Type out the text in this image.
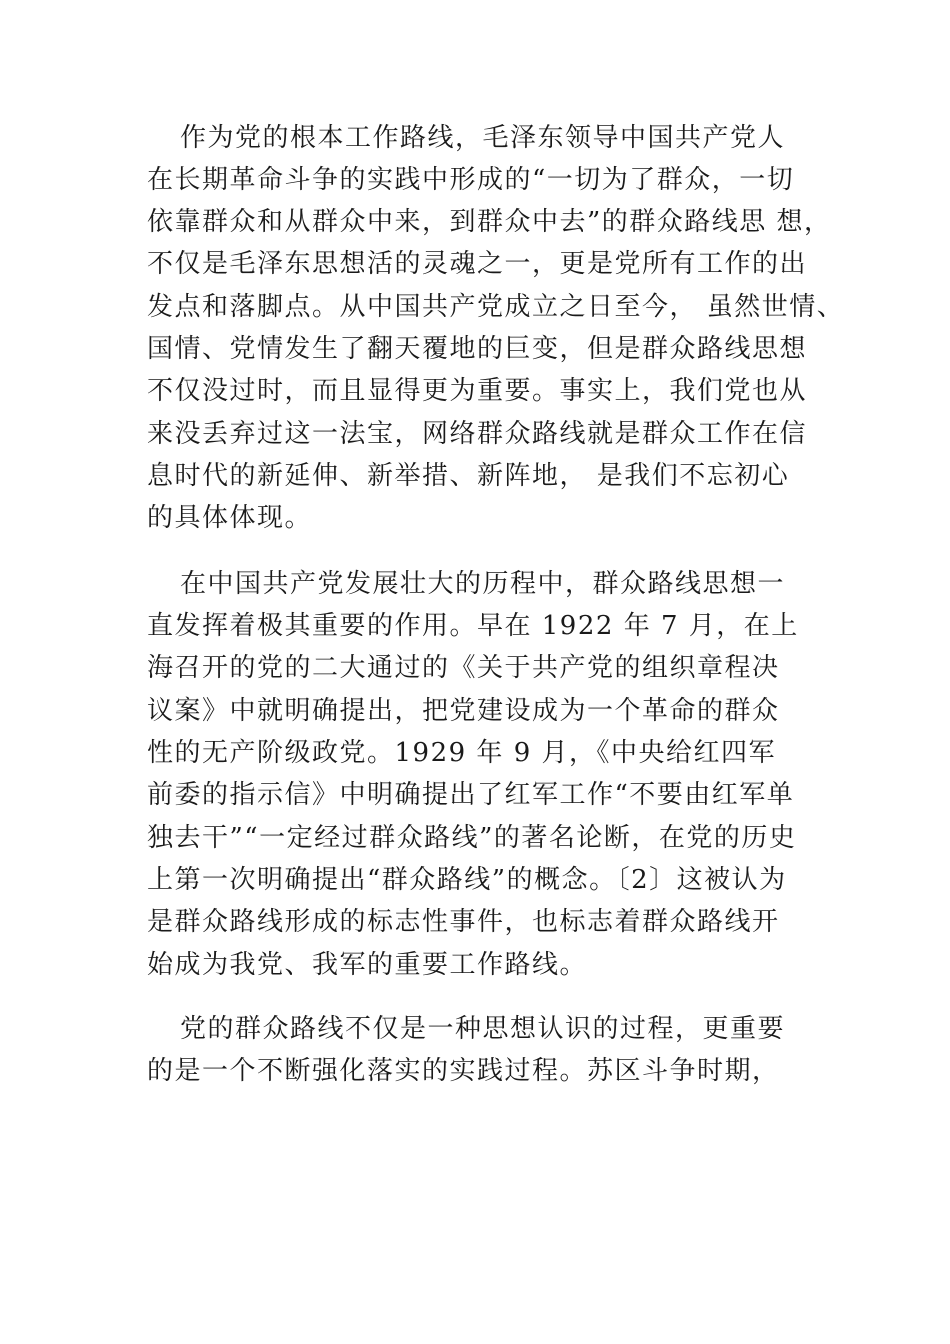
作为党的根本工作路线，毛泽东领导中国共产党人
在长期革命斗争的实践中形成的“一切为了群众，一切
依靠群众和从群众中来，到群众中去”的群众路线思 想，
不仅是毛泽东思想活的灵魂之一，更是党所有工作的出
发点和落脚点。从中国共产党成立之日至今， 虽然世情、
国情、党情发生了翻天覆地的巨变，但是群众路线思想
不仅没过时，而且显得更为重要。事实上，我们党也从
来没丢弃过这一法宝，网络群众路线就是群众工作在信
息时代的新延伸、新举措、新阵地， 是我们不忘初心
的具体体现。
在中国共产党发展壮大的历程中，群众路线思想一
直发挥着极其重要的作用。早在 1922 年 7 月，在上
海召开的党的二大通过的《关于共产党的组织章程决
议案》中就明确提出，把党建设成为一个革命的群众
性的无产阶级政党。1929 年 9 月，《中央给红四军
前委的指示信》中明确提出了红军工作“不要由红军单
独去干”“一定经过群众路线”的著名论断，在党的历史
上第一次明确提出“群众路线”的概念。〔2〕这被认为
是群众路线形成的标志性事件，也标志着群众路线开
始成为我党、我军的重要工作路线。
党的群众路线不仅是一种思想认识的过程，更重要
的是一个不断强化落实的实践过程。苏区斗争时期，
